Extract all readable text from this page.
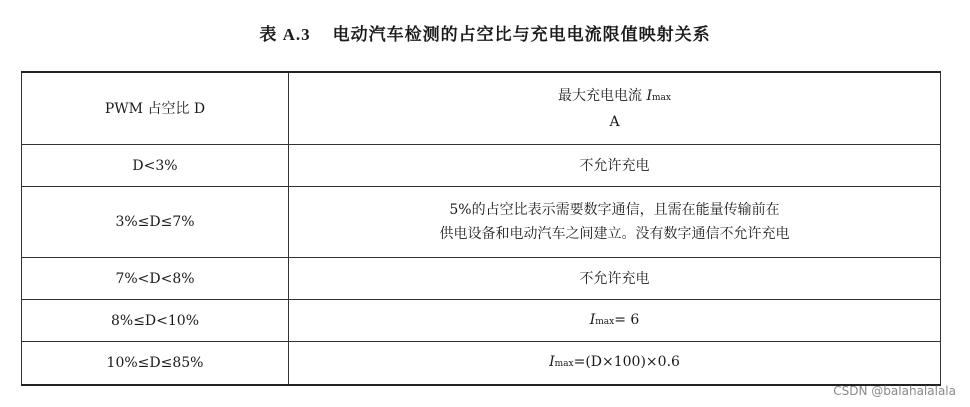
表 A.3 电动汽车检测的占空比与充电电流限值映射关系
PWM 占空比 D	最大充电电流 Imax
A

D<3%	不允许充电
3%≤D≤7%	5%的占空比表示需要数字通信，且需在能量传输前在
供电设备和电动汽车之间建立。没有数字通信不允许充电

7%<D<8%	不允许充电
8%≤D<10%	Imax= 6
10%≤D≤85%	Imax=(D×100)×0.6
CSDN @balahalalala
